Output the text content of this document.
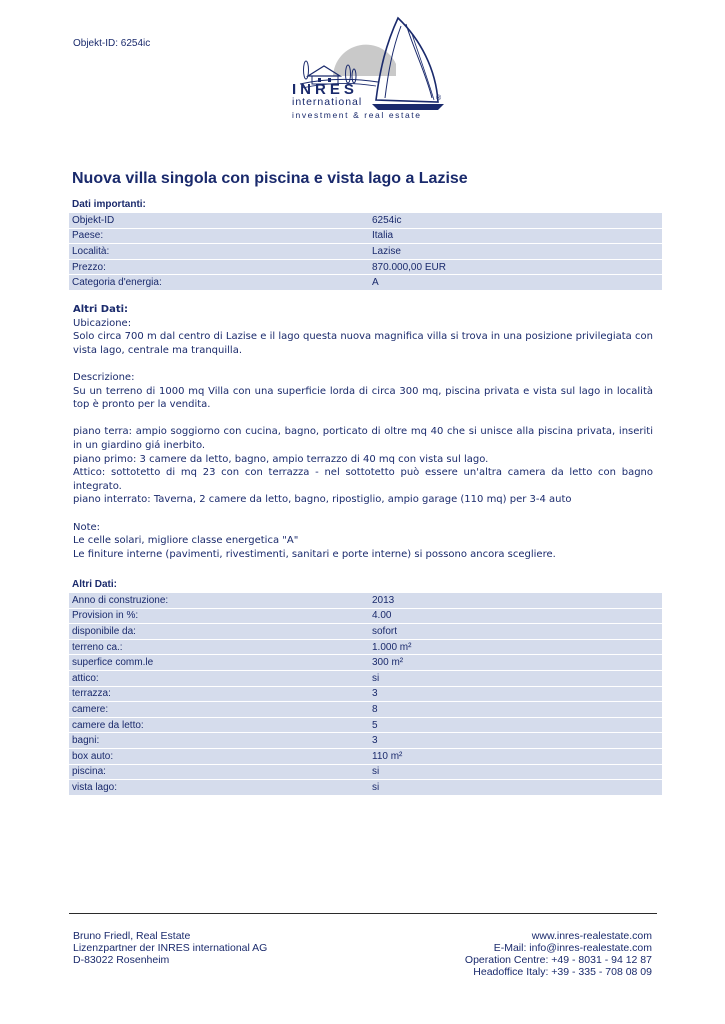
Objekt-ID: 6254ic
INRES
international
investment & real estate
®
Nuova villa singola con piscina e vista lago a Lazise
Dati importanti:
Objekt-ID	6254ic
Paese:	Italia
Località:	Lazise
Prezzo:	870.000,00 EUR
Categoria d'energia:	A

Altri Dati:

Ubicazione:

Solo circa 700 m dal centro di Lazise e il lago questa nuova magnifica villa si trova in una posizione privilegiata con vista lago, centrale ma tranquilla.

Descrizione:

Su un terreno di 1000 mq Villa con una superficie lorda di circa 300 mq, piscina privata e vista sul lago in località top è pronto per la vendita.

piano terra: ampio soggiorno con cucina, bagno, porticato di oltre mq 40 che si unisce alla piscina privata, inseriti in un giardino giá inerbito.

piano primo: 3 camere da letto, bagno, ampio terrazzo di 40 mq con vista sul lago.

Attico: sottotetto di mq 23 con con terrazza - nel sottotetto può essere un'altra camera da letto con bagno integrato.

piano interrato: Taverna, 2 camere da letto, bagno, ripostiglio, ampio garage (110 mq) per 3-4 auto

Note:

Le celle solari, migliore classe energetica "A"

Le finiture interne (pavimenti, rivestimenti, sanitari e porte interne) si possono ancora scegliere.

Altri Dati:
Anno di construzione:	2013
Provision in %:	4.00
disponibile da:	sofort
terreno ca.:	1.000 m²
superfice comm.le	300 m²
attico:	si
terrazza:	3
camere:	8
camere da letto:	5
bagni:	3
box auto:	110 m²
piscina:	si
vista lago:	si
Bruno Friedl, Real Estate
Lizenzpartner der INRES international AG
D-83022 Rosenheim
www.inres-realestate.com
E-Mail: info@inres-realestate.com
Operation Centre: +49 - 8031 - 94 12 87
Headoffice Italy: +39 - 335 - 708 08 09
